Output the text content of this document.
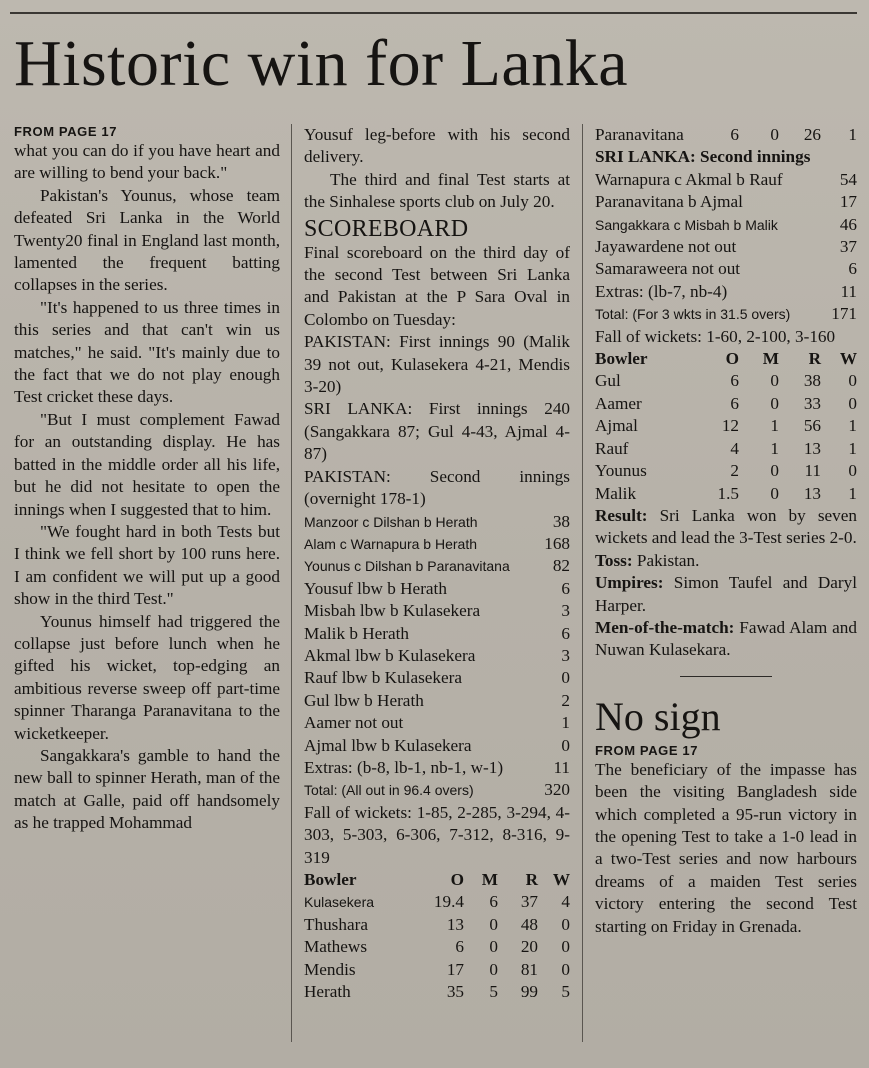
Historic win for Lanka
FROM PAGE 17

what you can do if you have heart and are willing to bend your back."

Pakistan's Younus, whose team defeated Sri Lanka in the World Twenty20 final in England last month, lamented the frequent batting collapses in the series.

"It's happened to us three times in this series and that can't win us matches," he said. "It's mainly due to the fact that we do not play enough Test cricket these days.

"But I must complement Fawad for an outstanding display. He has batted in the middle order all his life, but he did not hesitate to open the innings when I suggested that to him.

"We fought hard in both Tests but I think we fell short by 100 runs here. I am confident we will put up a good show in the third Test."

Younus himself had triggered the collapse just before lunch when he gifted his wicket, top-edging an ambitious reverse sweep off part-time spinner Tharanga Paranavitana to the wicketkeeper.

Sangakkara's gamble to hand the new ball to spinner Herath, man of the match at Galle, paid off handsomely as he trapped Mohammad

Yousuf leg-before with his second delivery.

The third and final Test starts at the Sinhalese sports club on July 20.

SCOREBOARD

Final scoreboard on the third day of the second Test between Sri Lanka and Pakistan at the P Sara Oval in Colombo on Tuesday:

PAKISTAN: First innings 90 (Malik 39 not out, Kulasekera 4-21, Mendis 3-20)

SRI LANKA: First innings 240 (Sangakkara 87; Gul 4-43, Ajmal 4-87)

PAKISTAN: Second innings (overnight 178-1)

Manzoor c Dilshan b Herath	38
Alam c Warnapura b Herath	168
Younus c Dilshan b Paranavitana	82
Yousuf lbw b Herath	6
Misbah lbw b Kulasekera	3
Malik b Herath	6
Akmal lbw b Kulasekera	3
Rauf lbw b Kulasekera	0
Gul lbw b Herath	2
Aamer not out	1
Ajmal lbw b Kulasekera	0
Extras: (b-8, lb-1, nb-1, w-1)	11
Total: (All out in 96.4 overs)	320

Fall of wickets: 1-85, 2-285, 3-294, 4-303, 5-303, 6-306, 7-312, 8-316, 9-319

Bowler	O	M	R W
Kulasekera	19.4	6	37	4
Thushara	13	0	48	0
Mathews	6	0	20	0
Mendis	17	0	81	0
Herath	35	5	99	5
Paranavitana	6	0	26	1
SRI LANKA: Second innings
Warnapura c Akmal b Rauf	54
Paranavitana b Ajmal	17
Sangakkara c Misbah b Malik	46
Jayawardene not out	37
Samaraweera not out	6
Extras: (lb-7, nb-4)	11
Total: (For 3 wkts in 31.5 overs) 171

Fall of wickets: 1-60, 2-100, 3-160

Bowler	O	M	R	W
Gul	6	0	38	0
Aamer	6	0	33	0
Ajmal	12	1	56	1
Rauf	4	1	13	1
Younus	2	0	11	0
Malik	1.5	0	13	1

Result: Sri Lanka won by seven wickets and lead the 3-Test series 2-0.

Toss: Pakistan.

Umpires: Simon Taufel and Daryl Harper.

Men-of-the-match: Fawad Alam and Nuwan Kulasekara.

No sign
FROM PAGE 17

The beneficiary of the impasse has been the visiting Bangladesh side which completed a 95-run victory in the opening Test to take a 1-0 lead in a two-Test series and now harbours dreams of a maiden Test series victory entering the second Test starting on Friday in Grenada.
